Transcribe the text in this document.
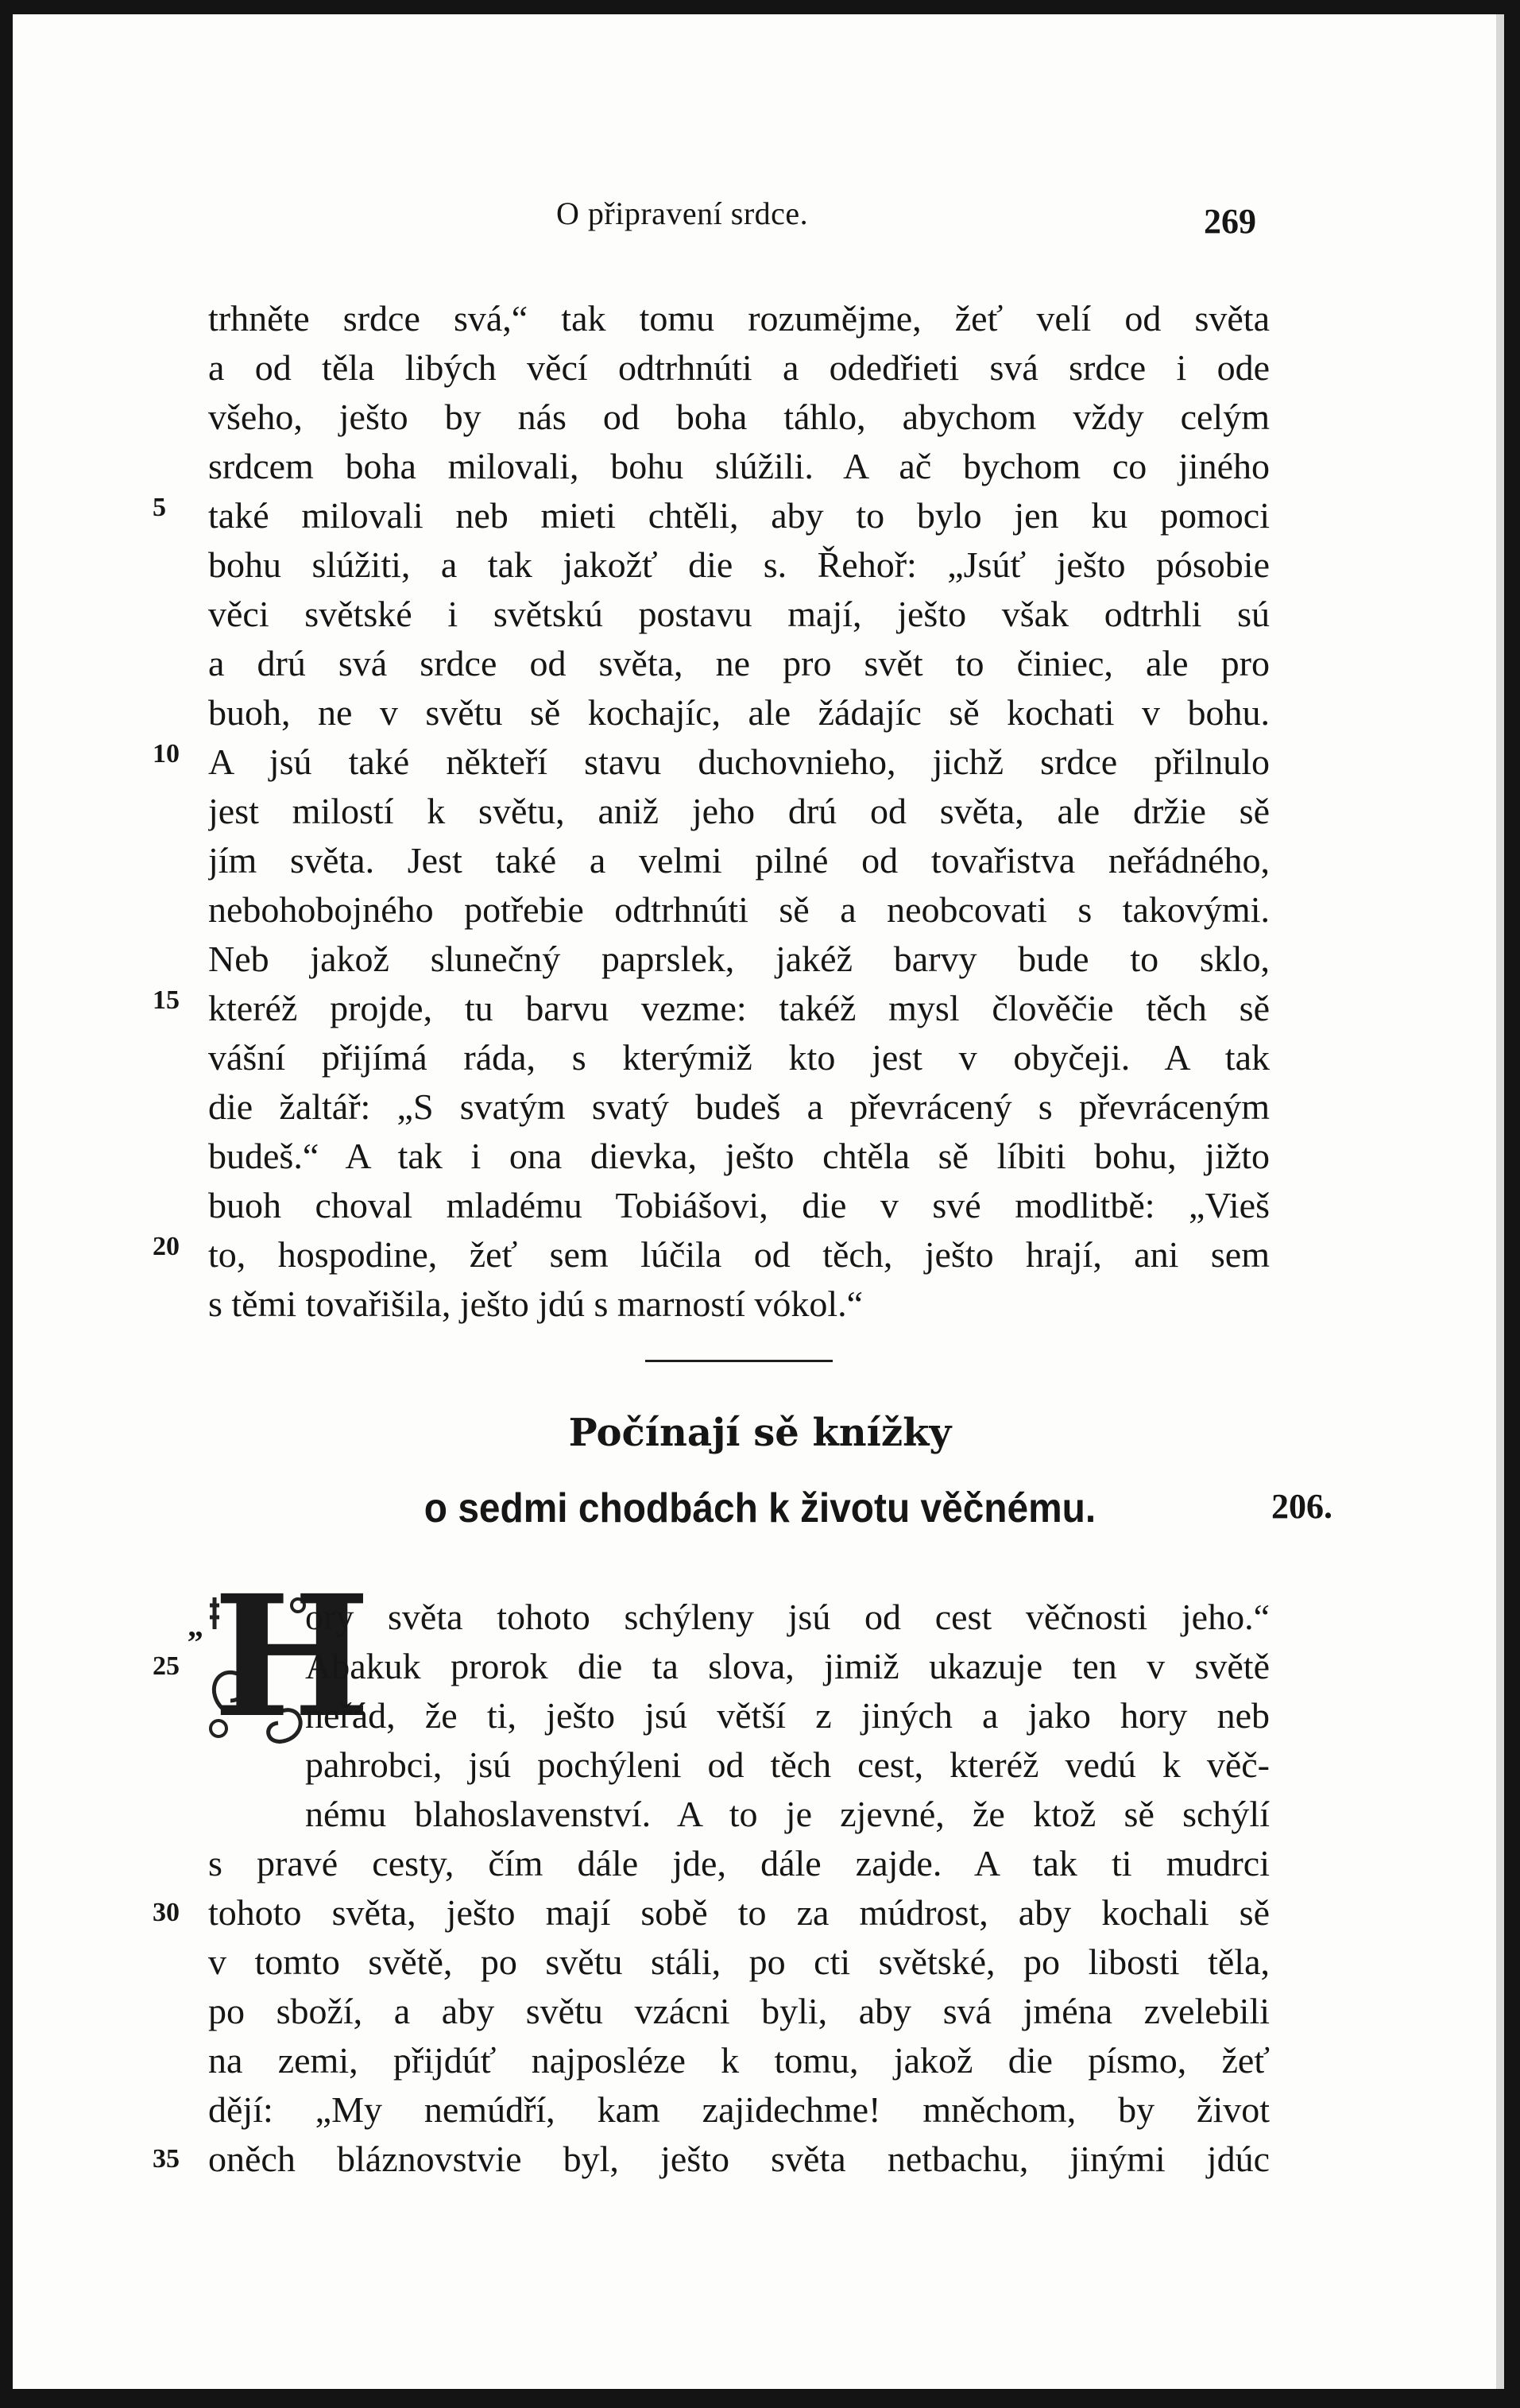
O připravení srdce.	269
trhněte srdce svá,“ tak tomu rozumějme, žeť velí od světa
a od těla libých věcí odtrhnúti a odedřieti svá srdce i ode
všeho, ješto by nás od boha táhlo, abychom vždy celým
srdcem boha milovali, bohu slúžili. A ač bychom co jiného
také milovali neb mieti chtěli, aby to bylo jen ku pomoci
bohu slúžiti, a tak jakožť die s. Řehoř: „Jsúť ješto pósobie
věci světské i světskú postavu mají, ješto však odtrhli sú
a drú svá srdce od světa, ne pro svět to činiec, ale pro
buoh, ne v světu sě kochajíc, ale žádajíc sě kochati v bohu.
A jsú také někteří stavu duchovnieho, jichž srdce přilnulo
jest milostí k světu, aniž jeho drú od světa, ale držie sě
jím světa. Jest také a velmi pilné od tovařistva neřádného,
nebohobojného potřebie odtrhnúti sě a neobcovati s takovými.
Neb jakož slunečný paprslek, jakéž barvy bude to sklo,
kteréž projde, tu barvu vezme: takéž mysl člověčie těch sě
vášní přijímá ráda, s kterýmiž kto jest v obyčeji. A tak
die žaltář: „S svatým svatý budeš a převrácený s převráceným
budeš.“ A tak i ona dievka, ješto chtěla sě líbiti bohu, jižto
buoh choval mladému Tobiášovi, die v své modlitbě: „Vieš
to, hospodine, žeť sem lúčila od těch, ješto hrají, ani sem
s těmi tovařišila, ješto jdú s marností vókol.“
5
10
15
20
Počínají sě knížky
o sedmi chodbách k životu věčnému.	206.
„ H
ory světa tohoto schýleny jsú od cest věčnosti jeho.“
Abakuk prorok die ta slova, jimiž ukazuje ten v světě
neřád, že ti, ješto jsú větší z jiných a jako hory neb
pahrobci, jsú pochýleni od těch cest, kteréž vedú k věč-
nému blahoslavenství. A to je zjevné, že ktož sě schýlí
s pravé cesty, čím dále jde, dále zajde. A tak ti mudrci
tohoto světa, ješto mají sobě to za múdrost, aby kochali sě
v tomto světě, po světu stáli, po cti světské, po libosti těla,
po sboží, a aby světu vzácni byli, aby svá jména zvelebili
na zemi, přijdúť najposléze k tomu, jakož die písmo, žeť
dějí: „My nemúdří, kam zajidechme! mněchom, by život
oněch bláznovstvie byl, ješto světa netbachu, jinými jdúc
25
30
35
